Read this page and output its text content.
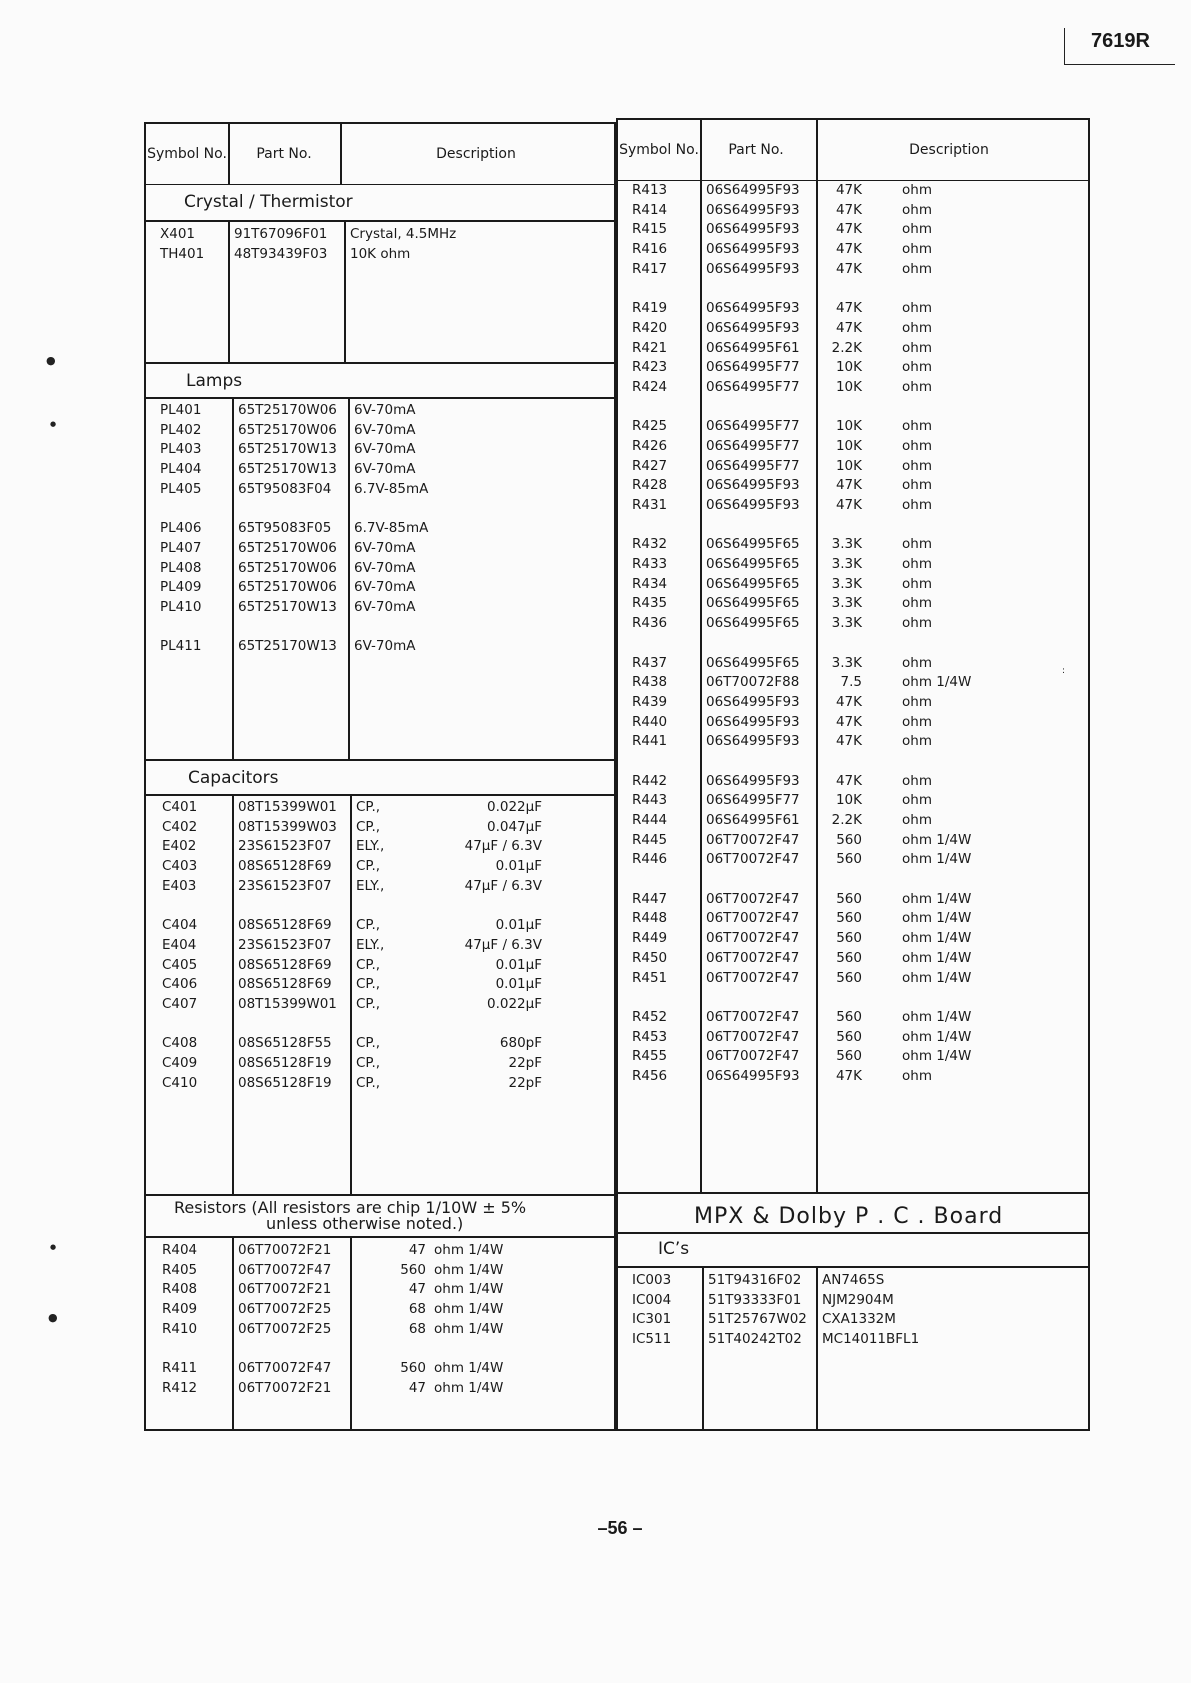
7619R
●
●
●
●
:
Symbol No.	Part No.	Description
Crystal / Thermistor
X401	91T67096F01 Crystal, 4.5MHz
TH401 48T93439F03 10K ohm
Lamps
PL401	65T25170W06 6V-70mA
PL402	65T25170W06 6V-70mA
PL403	65T25170W13 6V-70mA
PL404	65T25170W13 6V-70mA
PL405	65T95083F04 6.7V-85mA
PL406	65T95083F05 6.7V-85mA
PL407	65T25170W06 6V-70mA
PL408	65T25170W06 6V-70mA
PL409	65T25170W06 6V-70mA
PL410	65T25170W13 6V-70mA
PL411	65T25170W13 6V-70mA
Capacitors
C401	08T15399W01 CP.,	0.022µF
C402	08T15399W03 CP.,	0.047µF
E402	23S61523F07 ELY.,	47µF / 6.3V
C403	08S65128F69 CP.,	0.01µF
E403	23S61523F07 ELY.,	47µF / 6.3V
C404	08S65128F69 CP.,	0.01µF
E404	23S61523F07 ELY.,	47µF / 6.3V
C405	08S65128F69 CP.,	0.01µF
C406	08S65128F69 CP.,	0.01µF
C407	08T15399W01 CP.,	0.022µF
C408	08S65128F55 CP.,	680pF
C409	08S65128F19 CP.,	22pF
C410	08S65128F19 CP.,	22pF
Resistors (All resistors are chip 1/10W ± 5%
unless otherwise noted.)
R404	06T70072F21	47 ohm 1/4W
R405	06T70072F47	560 ohm 1/4W
R408	06T70072F21	47 ohm 1/4W
R409	06T70072F25	68 ohm 1/4W
R410	06T70072F25	68 ohm 1/4W
R411	06T70072F47	560 ohm 1/4W
R412	06T70072F21	47 ohm 1/4W
Symbol No.	Part No.	Description
R413	06S64995F93	47K	ohm
R414	06S64995F93	47K	ohm
R415	06S64995F93	47K	ohm
R416	06S64995F93	47K	ohm
R417	06S64995F93	47K	ohm
R419	06S64995F93	47K	ohm
R420	06S64995F93	47K	ohm
R421	06S64995F61 2.2K	ohm
R423	06S64995F77	10K	ohm
R424	06S64995F77	10K	ohm
R425	06S64995F77	10K	ohm
R426	06S64995F77	10K	ohm
R427	06S64995F77	10K	ohm
R428	06S64995F93	47K	ohm
R431	06S64995F93	47K	ohm
R432	06S64995F65 3.3K	ohm
R433	06S64995F65 3.3K	ohm
R434	06S64995F65 3.3K	ohm
R435	06S64995F65 3.3K	ohm
R436	06S64995F65 3.3K	ohm
R437	06S64995F65 3.3K	ohm
R438	06T70072F88	7.5	ohm 1/4W
R439	06S64995F93	47K	ohm
R440	06S64995F93	47K	ohm
R441	06S64995F93	47K	ohm
R442	06S64995F93	47K	ohm
R443	06S64995F77	10K	ohm
R444	06S64995F61 2.2K	ohm
R445	06T70072F47	560	ohm 1/4W
R446	06T70072F47	560	ohm 1/4W
R447	06T70072F47	560	ohm 1/4W
R448	06T70072F47	560	ohm 1/4W
R449	06T70072F47	560	ohm 1/4W
R450	06T70072F47	560	ohm 1/4W
R451	06T70072F47	560	ohm 1/4W
R452	06T70072F47	560	ohm 1/4W
R453	06T70072F47	560	ohm 1/4W
R455	06T70072F47	560	ohm 1/4W
R456	06S64995F93	47K	ohm
MPX & Dolby P . C . Board
IC’s
IC003	51T94316F02 AN7465S
IC004	51T93333F01 NJM2904M
IC301	51T25767W02 CXA1332M
IC511	51T40242T02 MC14011BFL1
–56 –
